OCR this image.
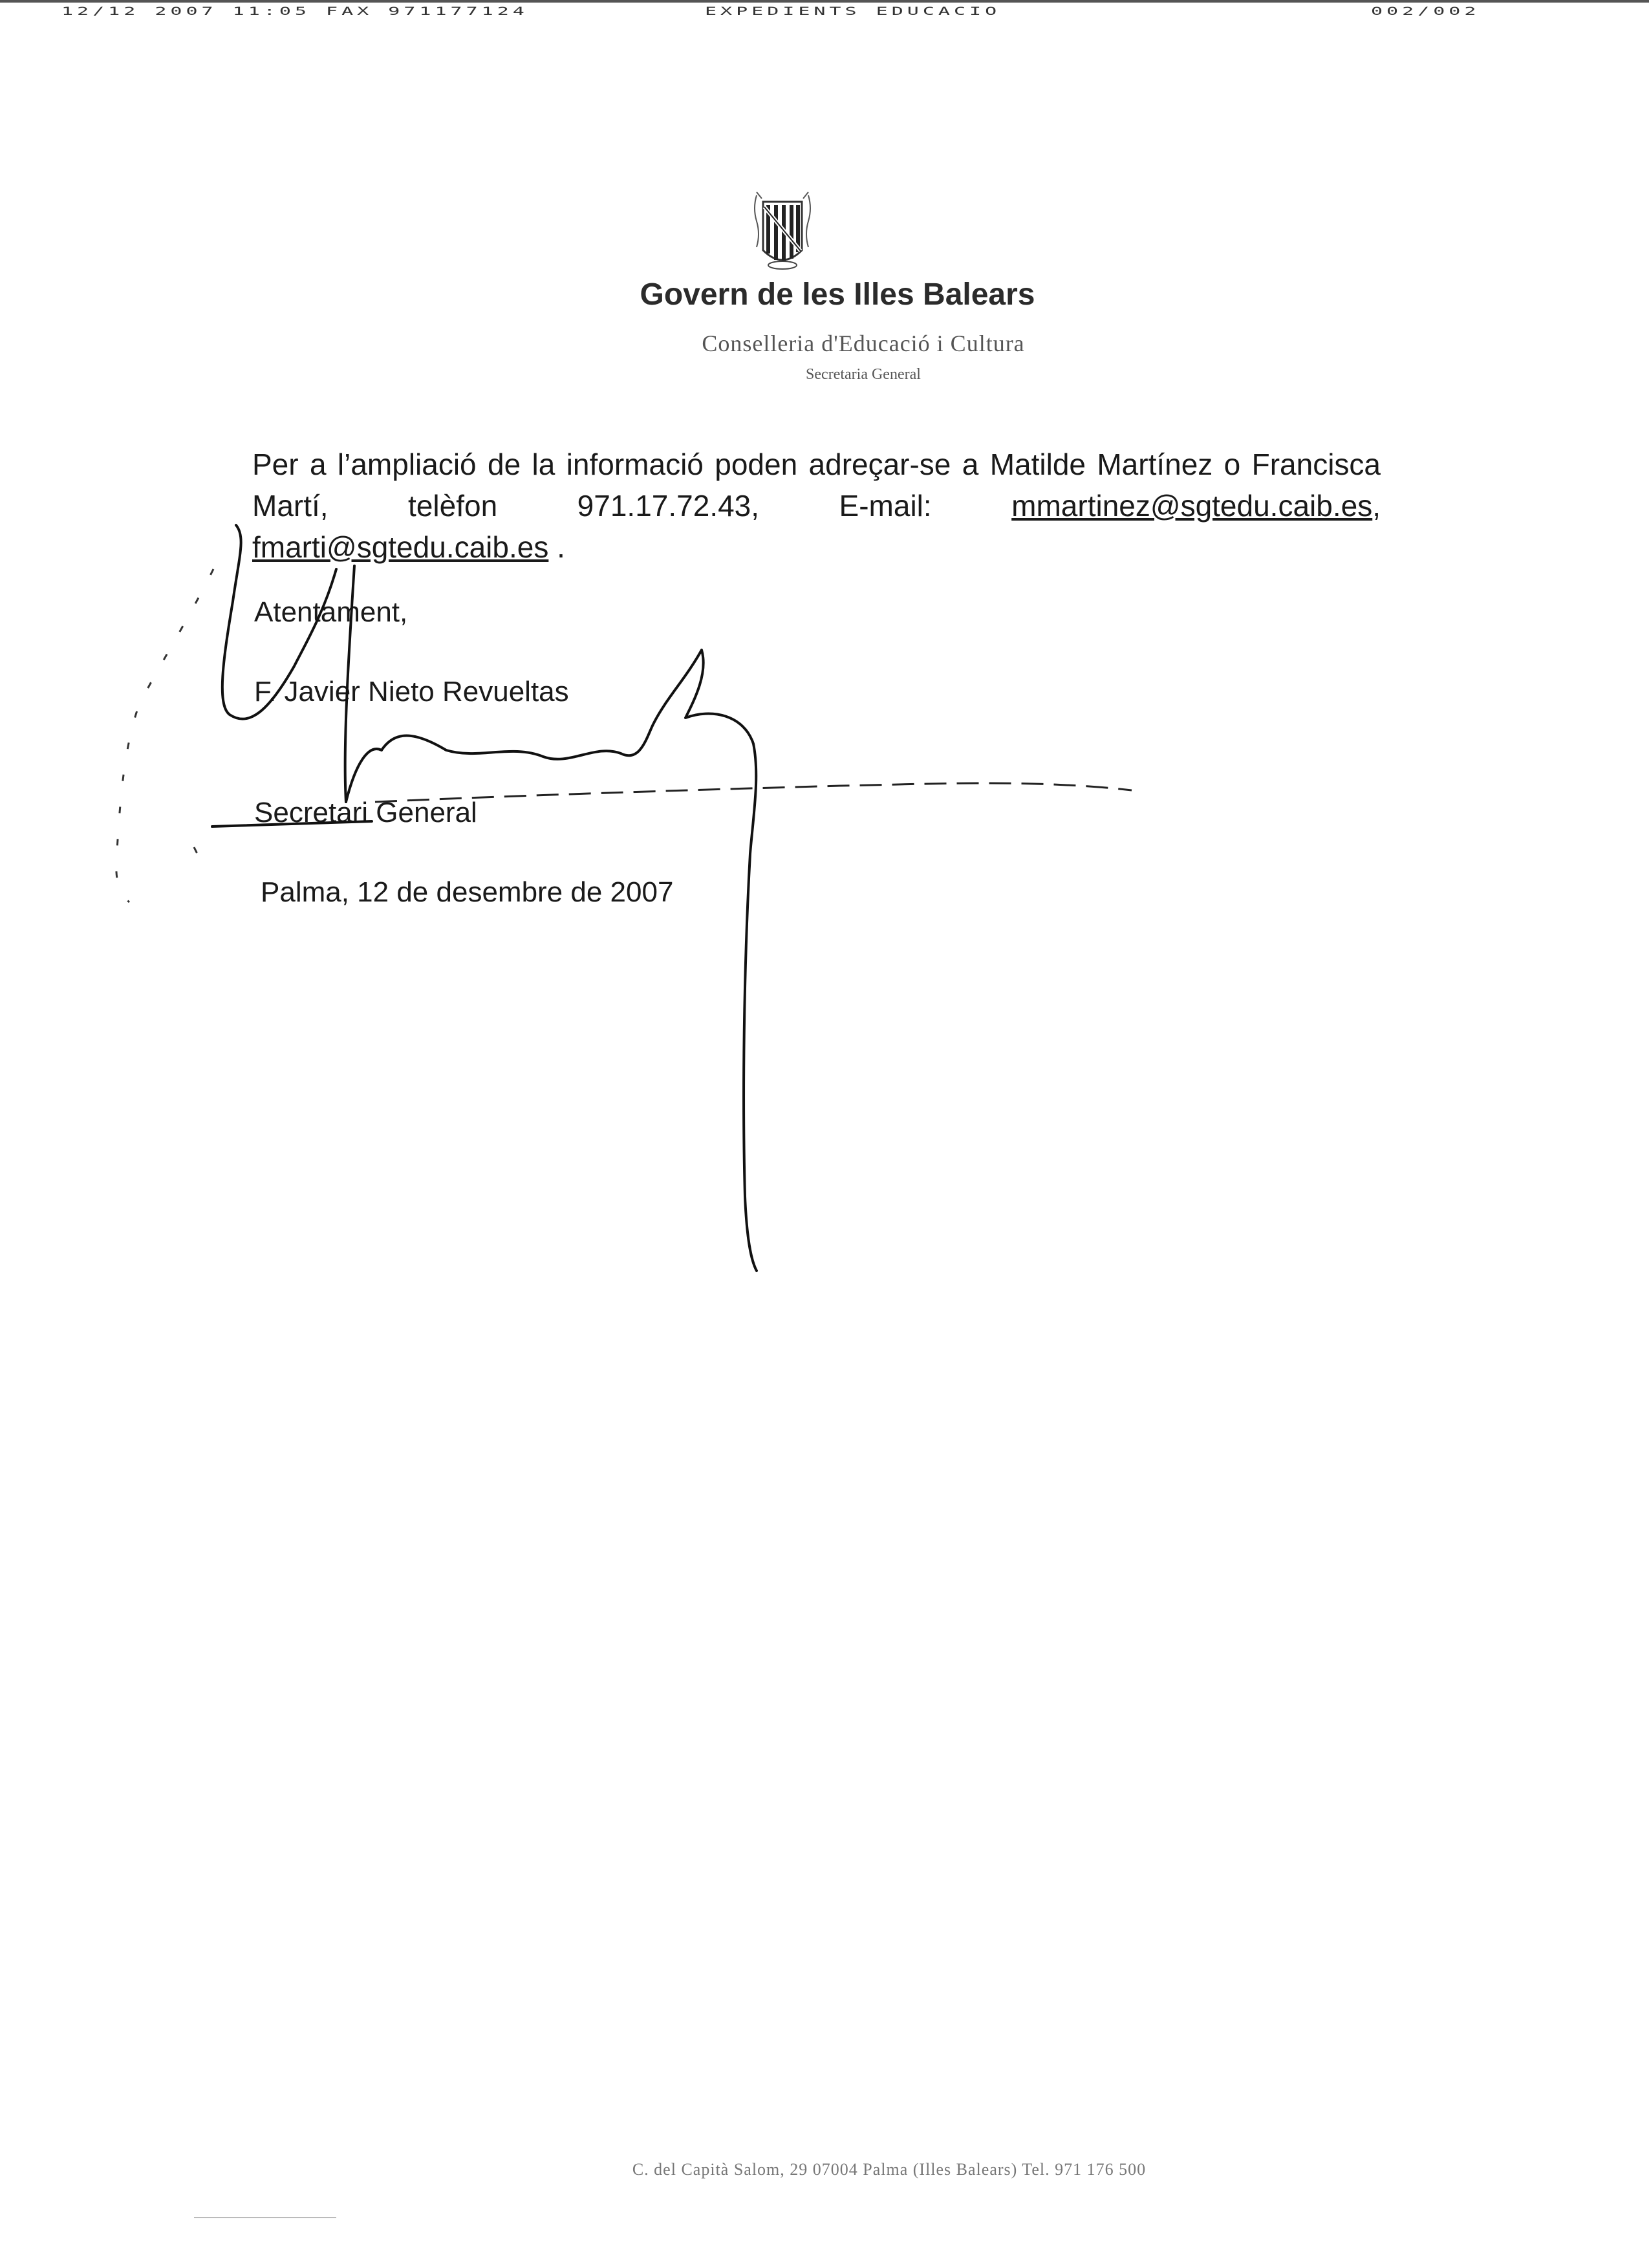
12/12 2007 11:05 FAX 971177124	EXPEDIENTS EDUCACIO	002/002
Govern de les Illes Balears
Conselleria d'Educació i Cultura
Secretaria General

Per a l’ampliació de la informació poden adreçar-se a Matilde Martínez o Francisca Martí, telèfon 971.17.72.43, E-mail: mmartinez@sgtedu.caib.es, fmarti@sgtedu.caib.es .

Atentament,
F. Javier Nieto Revueltas
Secretari General
Palma, 12 de desembre de 2007
C. del Capità Salom, 29 07004 Palma (Illes Balears) Tel. 971 176 500
